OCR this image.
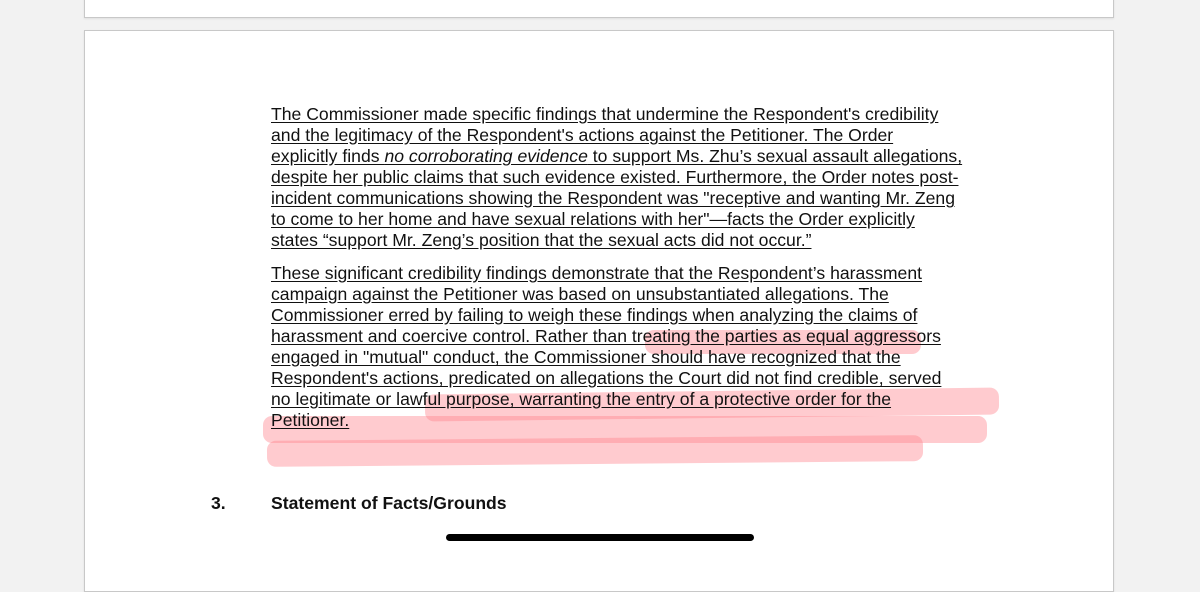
The Commissioner made specific findings that undermine the Respondent's credibility
and the legitimacy of the Respondent's actions against the Petitioner. The Order
explicitly finds no corroborating evidence to support Ms. Zhu’s sexual assault allegations,
despite her public claims that such evidence existed. Furthermore, the Order notes post-
incident communications showing the Respondent was "receptive and wanting Mr. Zeng
to come to her home and have sexual relations with her"—facts the Order explicitly
states “support Mr. Zeng’s position that the sexual acts did not occur.”

These significant credibility findings demonstrate that the Respondent’s harassment
campaign against the Petitioner was based on unsubstantiated allegations. The
Commissioner erred by failing to weigh these findings when analyzing the claims of
harassment and coercive control. Rather than treating the parties as equal aggressors
engaged in "mutual" conduct, the Commissioner should have recognized that the
Respondent's actions, predicated on allegations the Court did not find credible, served
no legitimate or lawful purpose, warranting the entry of a protective order for the
Petitioner.

3.	Statement of Facts/Grounds
